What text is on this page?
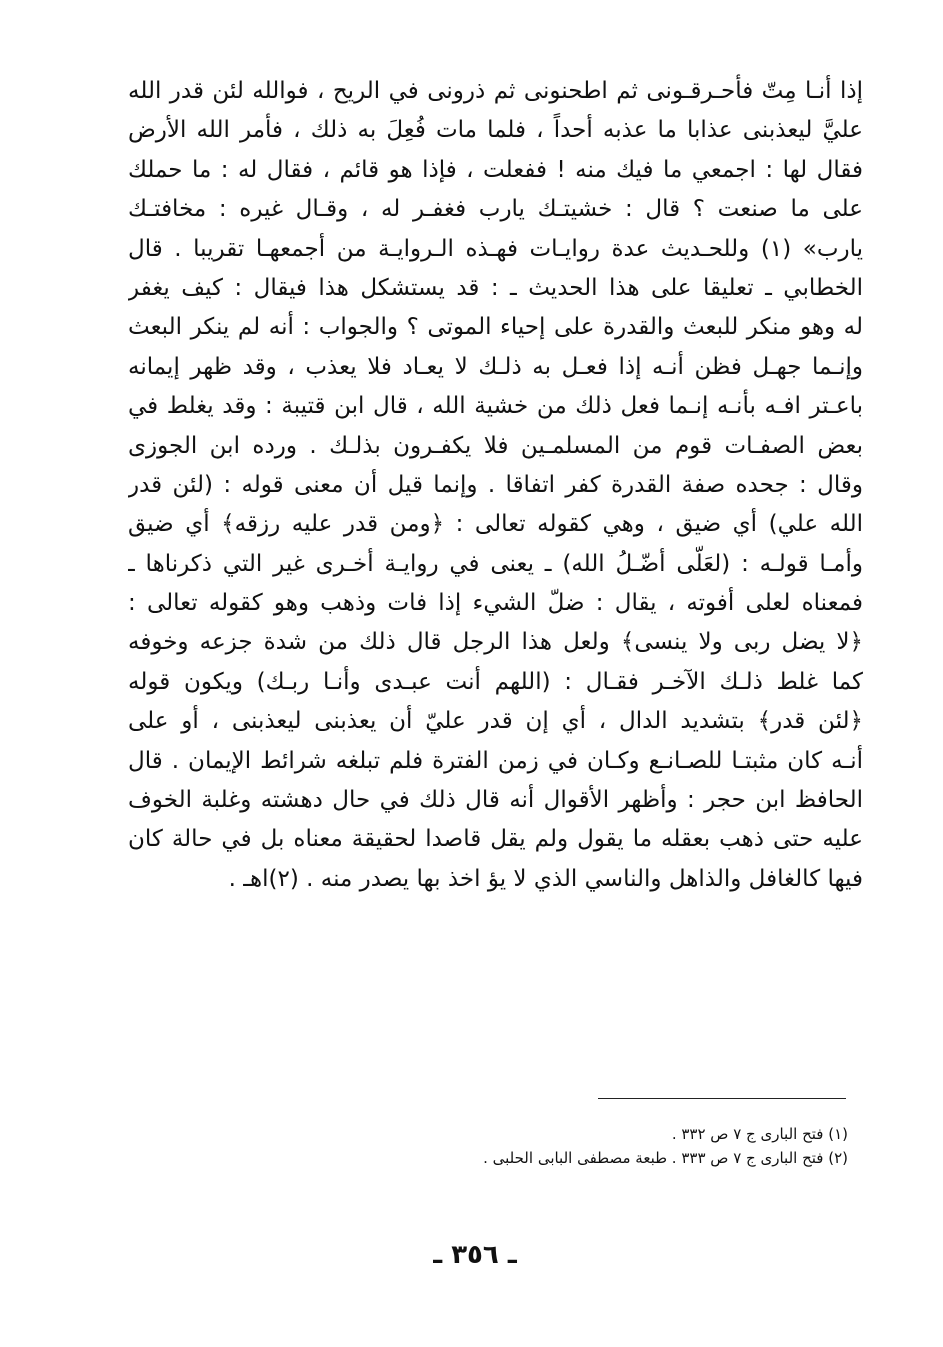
إذا أنـا مِتّ فأحـرقـونى ثم اطحنونى ثم ذرونى في الريح ، فوالله لئن قدر الله
عليَّ ليعذبنى عذابا ما عذبه أحداً ، فلما مات فُعِلَ به ذلك ، فأمر الله الأرض
فقال لها : اجمعي ما فيك منه ! ففعلت ، فإذا هو قائم ، فقال له : ما حملك
على ما صنعت ؟ قال : خشيتـك يارب فغفـر له ، وقـال غيره : مخافتـك
يارب» (١) وللحـديث عدة روايـات فهـذه الـروايـة من أجمعهـا تقريبا . قال
الخطابي ـ تعليقا على هذا الحديث ـ : قد يستشكل هذا فيقال : كيف يغفر
له وهو منكر للبعث والقدرة على إحياء الموتى ؟ والجواب : أنه لم ينكر البعث
وإنـما جهـل فظن أنـه إذا فعـل به ذلـك لا يعـاد فلا يعذب ، وقد ظهر إيمانه
باعـتر افـه بأنـه إنـما فعل ذلك من خشية الله ، قال ابن قتيبة : وقد يغلط في
بعض الصفـات قوم من المسلمـين فلا يكفـرون بذلـك . ورده ابن الجوزى
وقال : جحده صفة القدرة كفر اتفاقا . وإنما قيل أن معنى قوله : (لئن قدر
الله علي) أي ضيق ، وهي كقوله تعالى : ﴿ومن قدر عليه رزقه﴾ أي ضيق
وأمـا قولـه : (لعَلّى أضّـلُ الله) ـ يعنى في روايـة أخـرى غير التي ذكرناها ـ
فمعناه لعلى أفوته ، يقال : ضلّ الشيء إذا فات وذهب وهو كقوله تعالى :
﴿لا يضل ربى ولا ينسى﴾ ولعل هذا الرجل قال ذلك من شدة جزعه وخوفه
كما غلط ذلـك الآخـر فقـال : (اللهم أنت عبـدى وأنـا ربـك) ويكون قوله
﴿لئن قدر﴾ بتشديد الدال ، أي إن قدر عليّ أن يعذبنى ليعذبنى ، أو على
أنـه كان مثبتـا للصـانـع وكـان في زمن الفترة فلم تبلغه شرائط الإيمان . قال
الحافظ ابن حجر : وأظهر الأقوال أنه قال ذلك في حال دهشته وغلبة الخوف
عليه حتى ذهب بعقله ما يقول ولم يقل قاصدا لحقيقة معناه بل في حالة كان
فيها كالغافل والذاهل والناسي الذي لا يؤ اخذ بها يصدر منه . (٢)اهـ .
(١) فتح البارى ج ٧ ص ٣٣٢ .
(٢) فتح البارى ج ٧ ص ٣٣٣ . طبعة مصطفى البابى الحلبى .
ـ ٣٥٦ ـ
